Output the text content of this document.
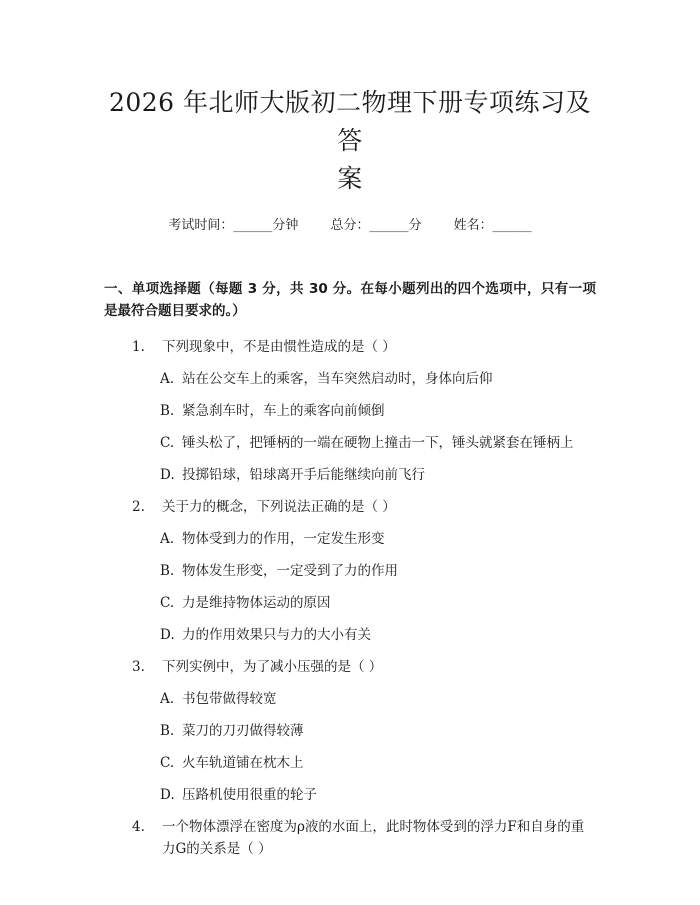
2026 年北师大版初二物理下册专项练习及答
案
考试时间：______分钟 总分：______分 姓名：______
一、单项选择题（每题 3 分，共 30 分。在每小题列出的四个选项中，只有一项是最符合题目要求的。）
1. 下列现象中，不是由惯性造成的是（ ）
A. 站在公交车上的乘客，当车突然启动时，身体向后仰
B. 紧急刹车时，车上的乘客向前倾倒
C. 锤头松了，把锤柄的一端在硬物上撞击一下，锤头就紧套在锤柄上
D. 投掷铅球，铅球离开手后能继续向前飞行
2. 关于力的概念，下列说法正确的是（ ）
A. 物体受到力的作用，一定发生形变
B. 物体发生形变，一定受到了力的作用
C. 力是维持物体运动的原因
D. 力的作用效果只与力的大小有关
3. 下列实例中，为了减小压强的是（ ）
A. 书包带做得较宽
B. 菜刀的刀刃做得较薄
C. 火车轨道铺在枕木上
D. 压路机使用很重的轮子
4. 一个物体漂浮在密度为ρ液的水面上，此时物体受到的浮力F和自身的重力G的关系是（ ）
